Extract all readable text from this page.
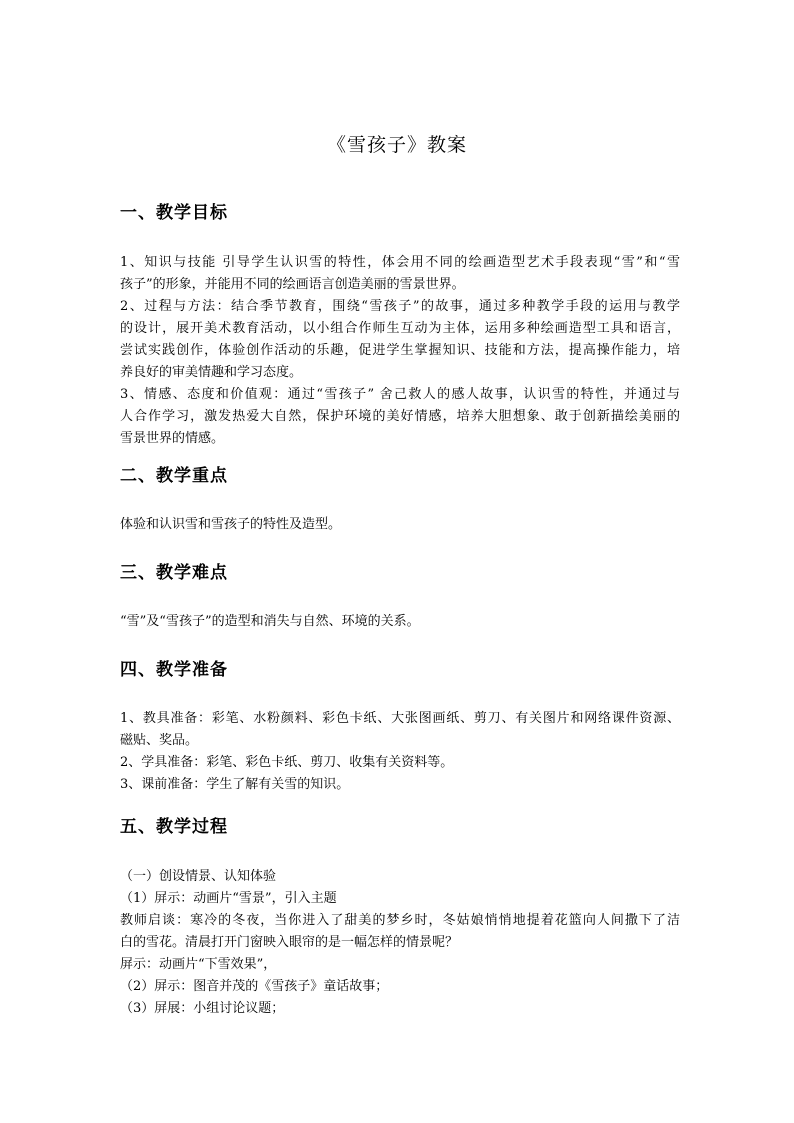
《雪孩子》教案
一、教学目标
1、知识与技能 引导学生认识雪的特性，体会用不同的绘画造型艺术手段表现“雪”和“雪
孩子”的形象，并能用不同的绘画语言创造美丽的雪景世界。
2、过程与方法：结合季节教育，围绕“雪孩子”的故事，通过多种教学手段的运用与教学
的设计，展开美术教育活动，以小组合作师生互动为主体，运用多种绘画造型工具和语言，
尝试实践创作，体验创作活动的乐趣，促进学生掌握知识、技能和方法，提高操作能力，培
养良好的审美情趣和学习态度。
3、情感、态度和价值观：通过“雪孩子” 舍己救人的感人故事，认识雪的特性，并通过与
人合作学习，激发热爱大自然，保护环境的美好情感，培养大胆想象、敢于创新描绘美丽的
雪景世界的情感。
二、教学重点
体验和认识雪和雪孩子的特性及造型。
三、教学难点
“雪”及“雪孩子”的造型和消失与自然、环境的关系。
四、教学准备
1、教具准备：彩笔、水粉颜料、彩色卡纸、大张图画纸、剪刀、有关图片和网络课件资源、
磁贴、奖品。
2、学具准备：彩笔、彩色卡纸、剪刀、收集有关资料等。
3、课前准备：学生了解有关雪的知识。
五、教学过程
（一）创设情景、认知体验
（1）屏示：动画片“雪景”，引入主题
教师启谈：寒冷的冬夜，当你进入了甜美的梦乡时，冬姑娘悄悄地提着花篮向人间撒下了洁
白的雪花。清晨打开门窗映入眼帘的是一幅怎样的情景呢？
屏示：动画片“下雪效果”，
（2）屏示：图音并茂的《雪孩子》童话故事；
（3）屏展：小组讨论议题；
